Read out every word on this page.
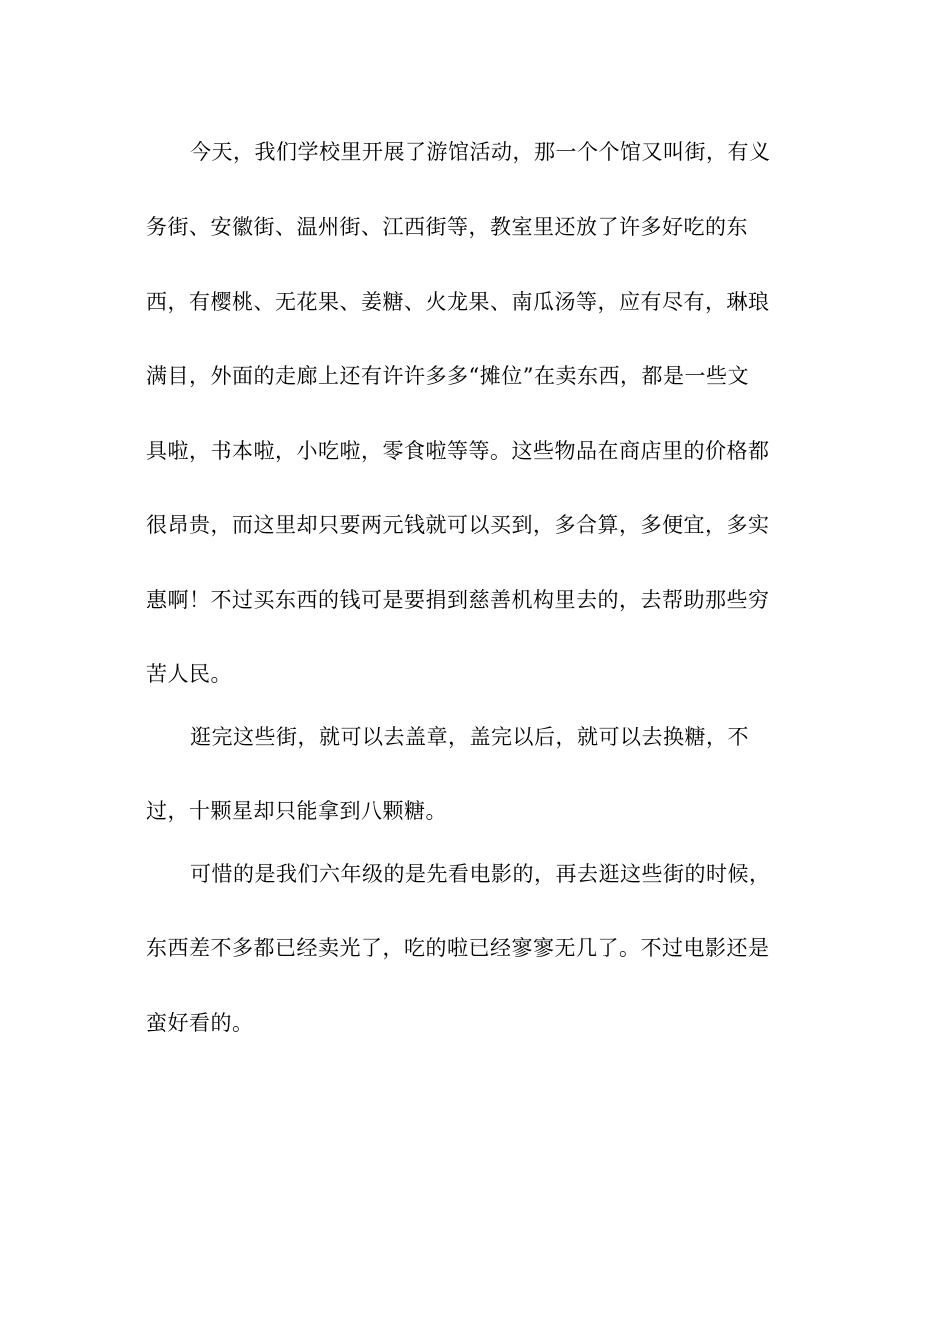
今天，我们学校里开展了游馆活动，那一个个馆又叫街，有义
务街、安徽街、温州街、江西街等，教室里还放了许多好吃的东
西，有樱桃、无花果、姜糖、火龙果、南瓜汤等，应有尽有，琳琅
满目，外面的走廊上还有许许多多“摊位”在卖东西，都是一些文
具啦，书本啦，小吃啦，零食啦等等。这些物品在商店里的价格都
很昂贵，而这里却只要两元钱就可以买到，多合算，多便宜，多实
惠啊！不过买东西的钱可是要捐到慈善机构里去的，去帮助那些穷
苦人民。
逛完这些街，就可以去盖章，盖完以后，就可以去换糖，不
过，十颗星却只能拿到八颗糖。
可惜的是我们六年级的是先看电影的，再去逛这些街的时候，
东西差不多都已经卖光了，吃的啦已经寥寥无几了。不过电影还是
蛮好看的。
